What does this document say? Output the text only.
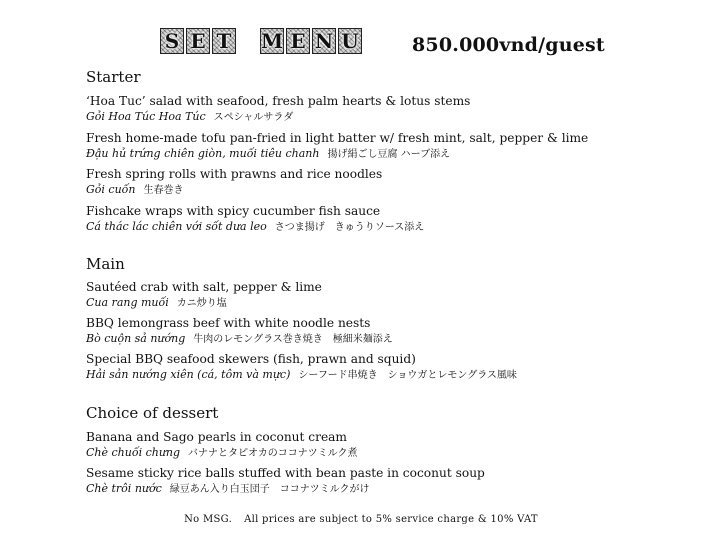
S E T M E N U	850.000vnd/guest
Starter
‘Hoa Tuc’ salad with seafood, fresh palm hearts & lotus stems
Gỏi Hoa Túc Hoa Túc スペシャルサラダ
Fresh home-made tofu pan-fried in light batter w/ fresh mint, salt, pepper & lime
Đậu hủ trứng chiên giòn, muối tiêu chanh 揚げ絹ごし豆腐 ハーブ添え
Fresh spring rolls with prawns and rice noodles
Gỏi cuốn 生春巻き
Fishcake wraps with spicy cucumber fish sauce
Cá thác lác chiên với sốt dưa leo さつま揚げ　きゅうりソース添え
Main
Sautéed crab with salt, pepper & lime
Cua rang muối カニ炒り塩
BBQ lemongrass beef with white noodle nests
Bò cuộn sả nướng 牛肉のレモングラス巻き焼き　極細米麺添え
Special BBQ seafood skewers (fish, prawn and squid)
Hải sản nướng xiên (cá, tôm và mực) シーフード串焼き　ショウガとレモングラス風味
Choice of dessert
Banana and Sago pearls in coconut cream
Chè chuối chưng バナナとタピオカのココナツミルク煮
Sesame sticky rice balls stuffed with bean paste in coconut soup
Chè trôi nước 緑豆あん入り白玉団子　ココナツミルクがけ
No MSG. All prices are subject to 5% service charge & 10% VAT
